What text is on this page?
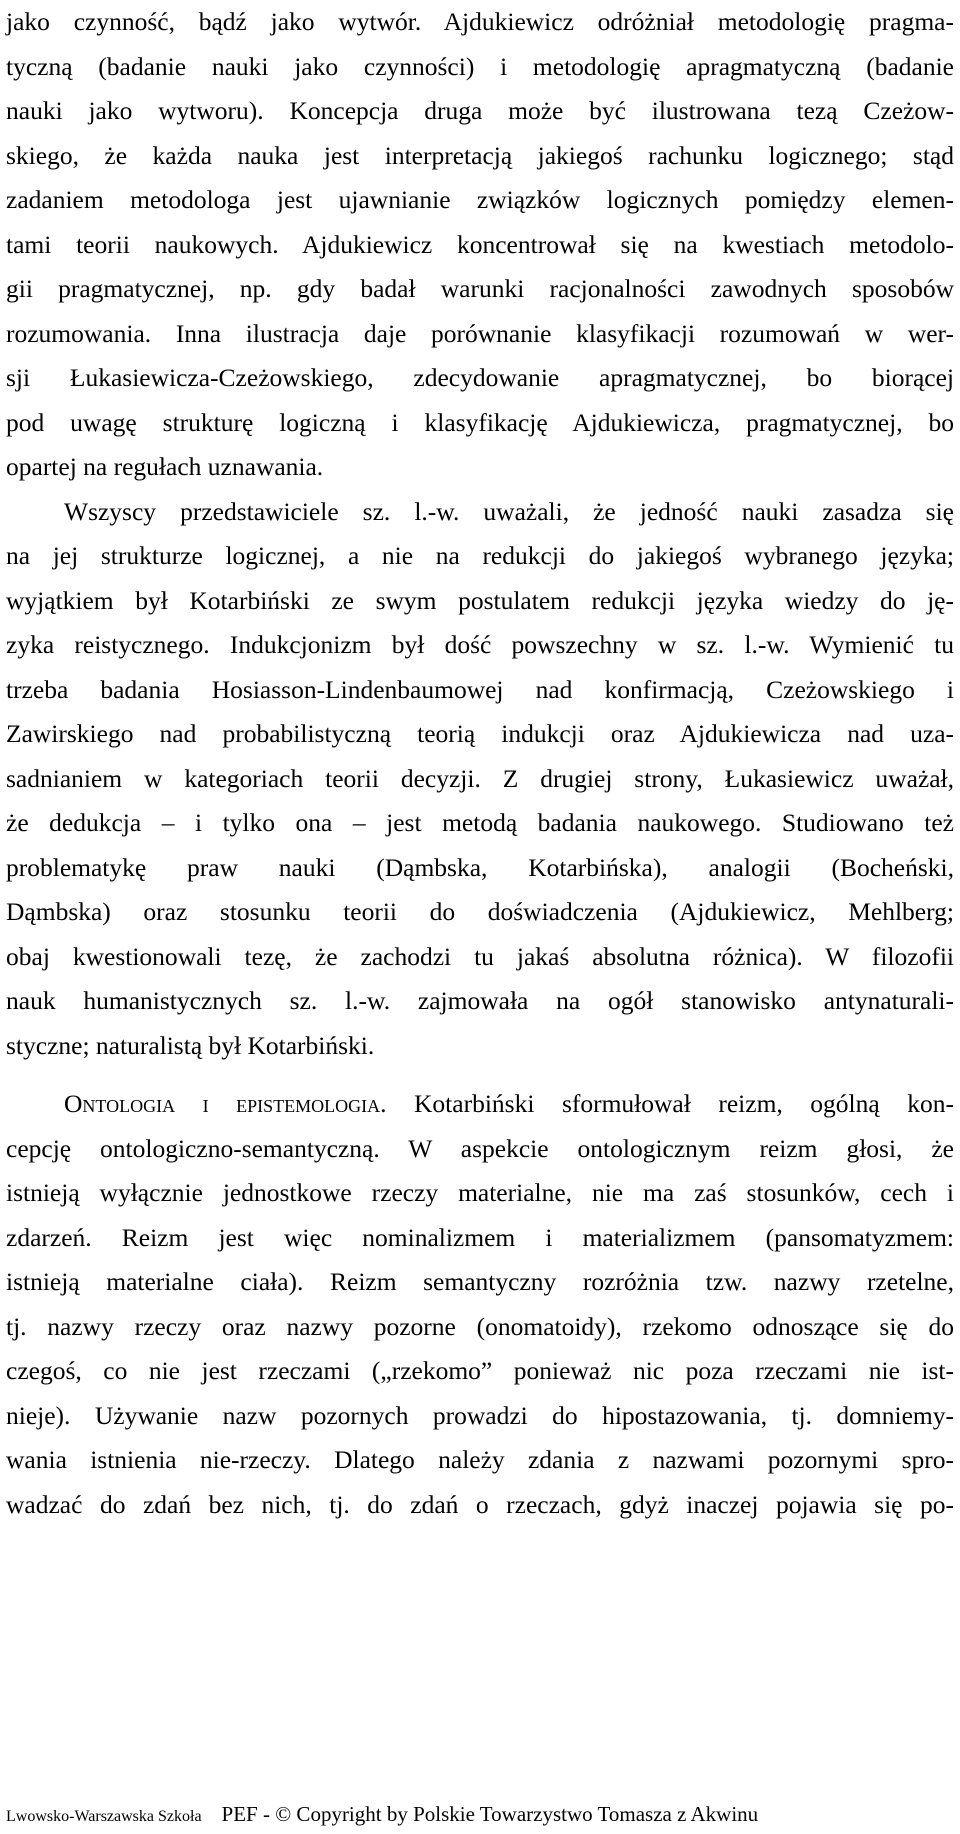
jako czynność, bądź jako wytwór. Ajdukiewicz odróżniał metodologię pragma-
tyczną (badanie nauki jako czynności) i metodologię apragmatyczną (badanie
nauki jako wytworu). Koncepcja druga może być ilustrowana tezą Czeżow-
skiego, że każda nauka jest interpretacją jakiegoś rachunku logicznego; stąd
zadaniem metodologa jest ujawnianie związków logicznych pomiędzy elemen-
tami teorii naukowych. Ajdukiewicz koncentrował się na kwestiach metodolo-
gii pragmatycznej, np. gdy badał warunki racjonalności zawodnych sposobów
rozumowania. Inna ilustracja daje porównanie klasyfikacji rozumowań w wer-
sji Łukasiewicza-Czeżowskiego, zdecydowanie apragmatycznej, bo biorącej
pod uwagę strukturę logiczną i klasyfikację Ajdukiewicza, pragmatycznej, bo
opartej na regułach uznawania.
Wszyscy przedstawiciele sz. l.-w. uważali, że jedność nauki zasadza się
na jej strukturze logicznej, a nie na redukcji do jakiegoś wybranego języka;
wyjątkiem był Kotarbiński ze swym postulatem redukcji języka wiedzy do ję-
zyka reistycznego. Indukcjonizm był dość powszechny w sz. l.-w. Wymienić tu
trzeba badania Hosiasson-Lindenbaumowej nad konfirmacją, Czeżowskiego i
Zawirskiego nad probabilistyczną teorią indukcji oraz Ajdukiewicza nad uza-
sadnianiem w kategoriach teorii decyzji. Z drugiej strony, Łukasiewicz uważał,
że dedukcja – i tylko ona – jest metodą badania naukowego. Studiowano też
problematykę praw nauki (Dąmbska, Kotarbińska), analogii (Bocheński,
Dąmbska) oraz stosunku teorii do doświadczenia (Ajdukiewicz, Mehlberg;
obaj kwestionowali tezę, że zachodzi tu jakaś absolutna różnica). W filozofii
nauk humanistycznych sz. l.-w. zajmowała na ogół stanowisko antynaturali-
styczne; naturalistą był Kotarbiński.
Ontologia i epistemologia. Kotarbiński sformułował reizm, ogólną kon-
cepcję ontologiczno-semantyczną. W aspekcie ontologicznym reizm głosi, że
istnieją wyłącznie jednostkowe rzeczy materialne, nie ma zaś stosunków, cech i
zdarzeń. Reizm jest więc nominalizmem i materializmem (pansomatyzmem:
istnieją materialne ciała). Reizm semantyczny rozróżnia tzw. nazwy rzetelne,
tj. nazwy rzeczy oraz nazwy pozorne (onomatoidy), rzekomo odnoszące się do
czegoś, co nie jest rzeczami („rzekomo” ponieważ nic poza rzeczami nie ist-
nieje). Używanie nazw pozornych prowadzi do hipostazowania, tj. domniemy-
wania istnienia nie-rzeczy. Dlatego należy zdania z nazwami pozornymi spro-
wadzać do zdań bez nich, tj. do zdań o rzeczach, gdyż inaczej pojawia się po-
Lwowsko-Warszawska Szkoła PEF - © Copyright by Polskie Towarzystwo Tomasza z Akwinu
